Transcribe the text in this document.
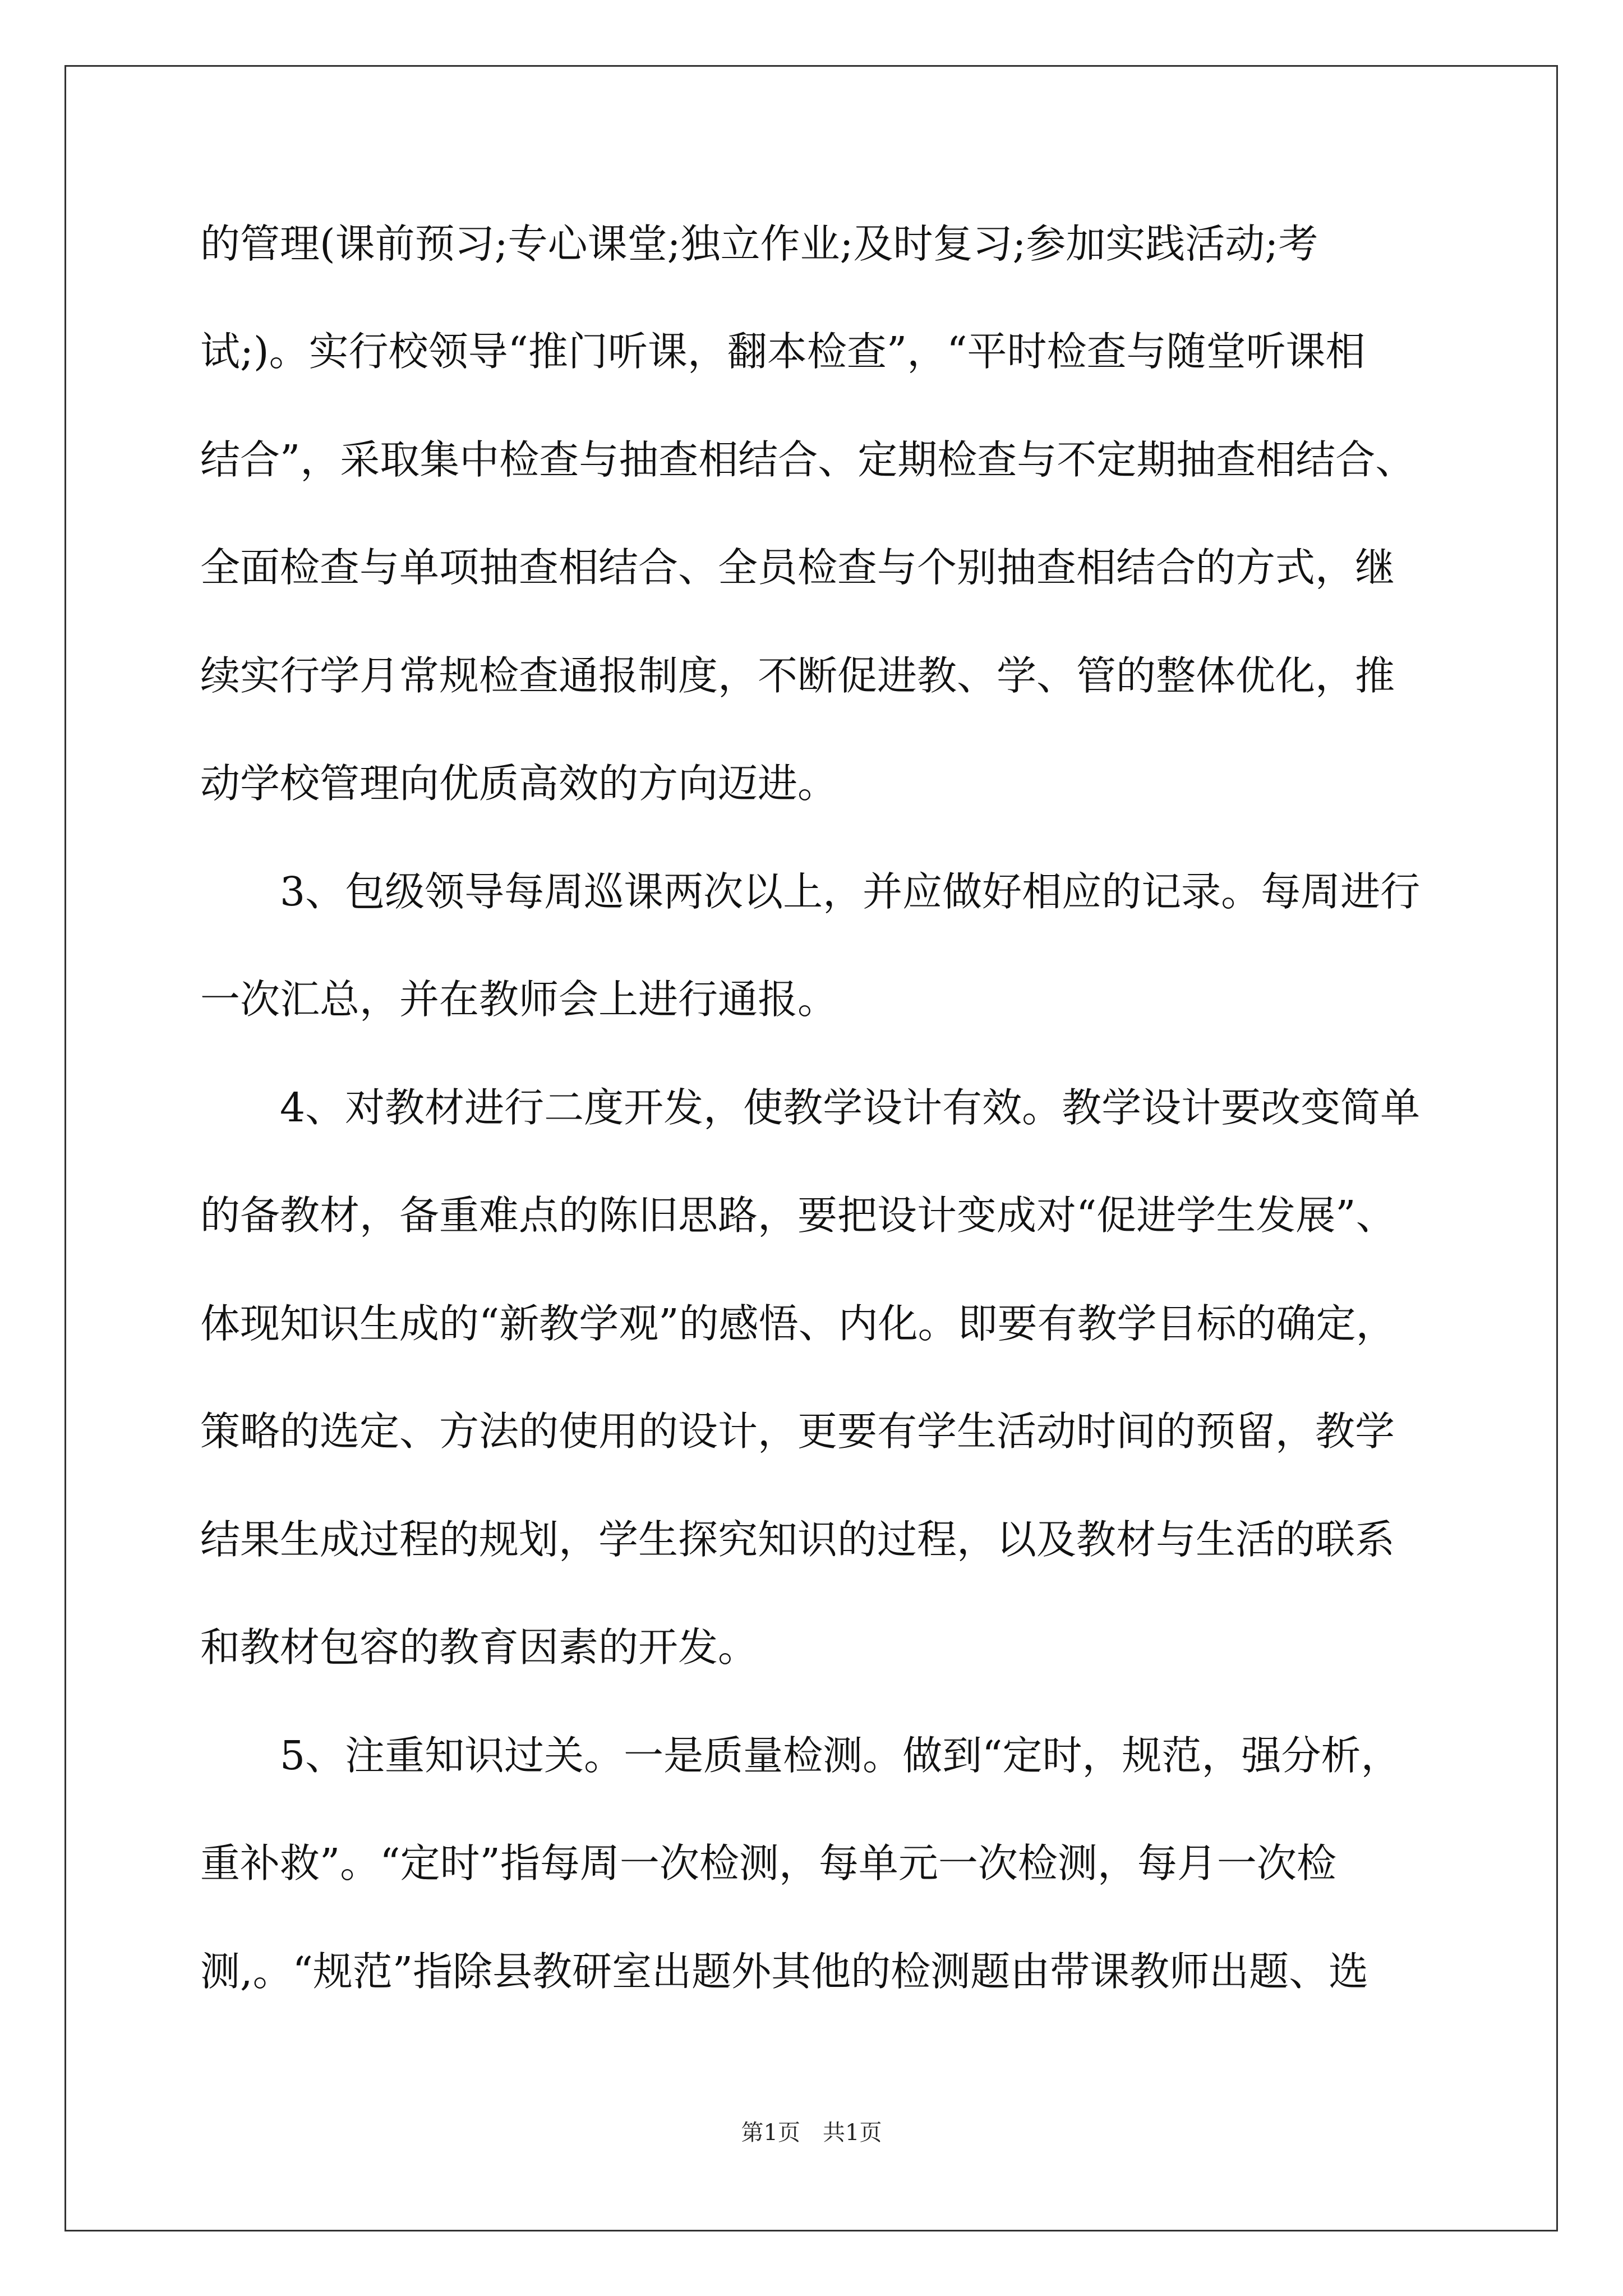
的管理(课前预习;专心课堂;独立作业;及时复习;参加实践活动;考
试;)。实行校领导“推门听课，翻本检查”，“平时检查与随堂听课相
结合”，采取集中检查与抽查相结合、定期检查与不定期抽查相结合、
全面检查与单项抽查相结合、全员检查与个别抽查相结合的方式，继
续实行学月常规检查通报制度，不断促进教、学、管的整体优化，推
动学校管理向优质高效的方向迈进。
　　3、包级领导每周巡课两次以上，并应做好相应的记录。每周进行
一次汇总，并在教师会上进行通报。
　　4、对教材进行二度开发，使教学设计有效。教学设计要改变简单
的备教材，备重难点的陈旧思路，要把设计变成对“促进学生发展”、
体现知识生成的“新教学观”的感悟、内化。即要有教学目标的确定，
策略的选定、方法的使用的设计，更要有学生活动时间的预留，教学
结果生成过程的规划，学生探究知识的过程，以及教材与生活的联系
和教材包容的教育因素的开发。
　　5、注重知识过关。一是质量检测。做到“定时，规范，强分析，
重补救”。“定时”指每周一次检测，每单元一次检测，每月一次检
测,。“规范”指除县教研室出题外其他的检测题由带课教师出题、选
第1页　共1页
